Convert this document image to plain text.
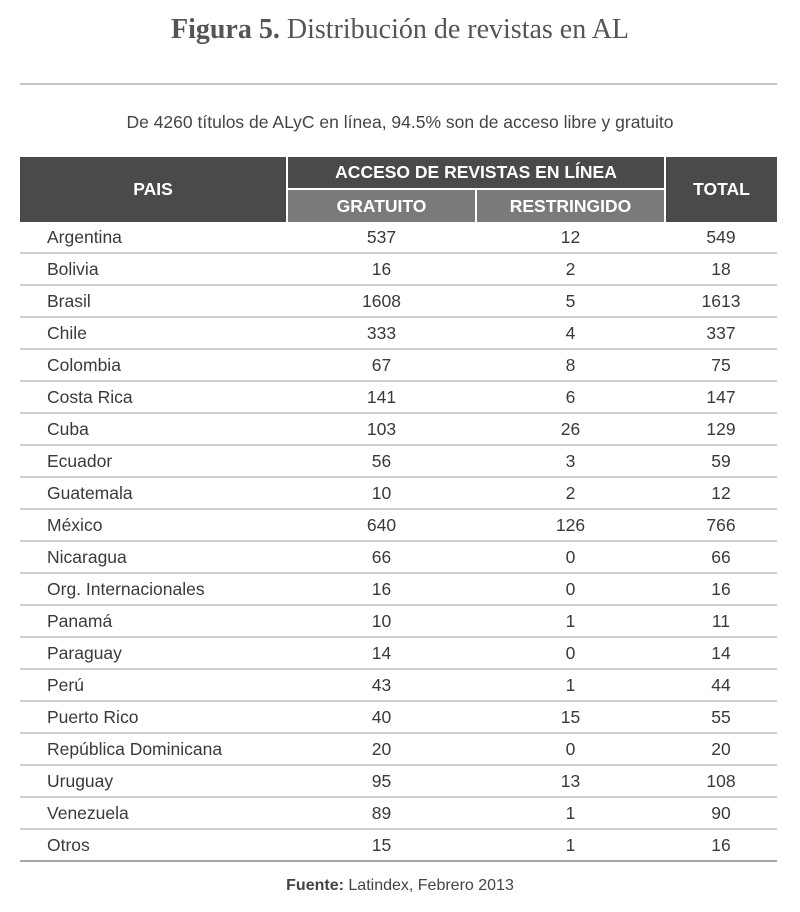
Figura 5. Distribución de revistas en AL
De 4260 títulos de ALyC en línea, 94.5% son de acceso libre y gratuito
PAIS	ACCESO DE REVISTAS EN LÍNEA		TOTAL
	GRATUITO	RESTRINGIDO	
Argentina	537	12	549
Bolivia	16	2	18
Brasil	1608	5	1613
Chile	333	4	337
Colombia	67	8	75
Costa Rica	141	6	147
Cuba	103	26	129
Ecuador	56	3	59
Guatemala	10	2	12
México	640	126	766
Nicaragua	66	0	66
Org. Internacionales	16	0	16
Panamá	10	1	11
Paraguay	14	0	14
Perú	43	1	44
Puerto Rico	40	15	55
República Dominicana	20	0	20
Uruguay	95	13	108
Venezuela	89	1	90
Otros	15	1	16
Fuente: Latindex, Febrero 2013
